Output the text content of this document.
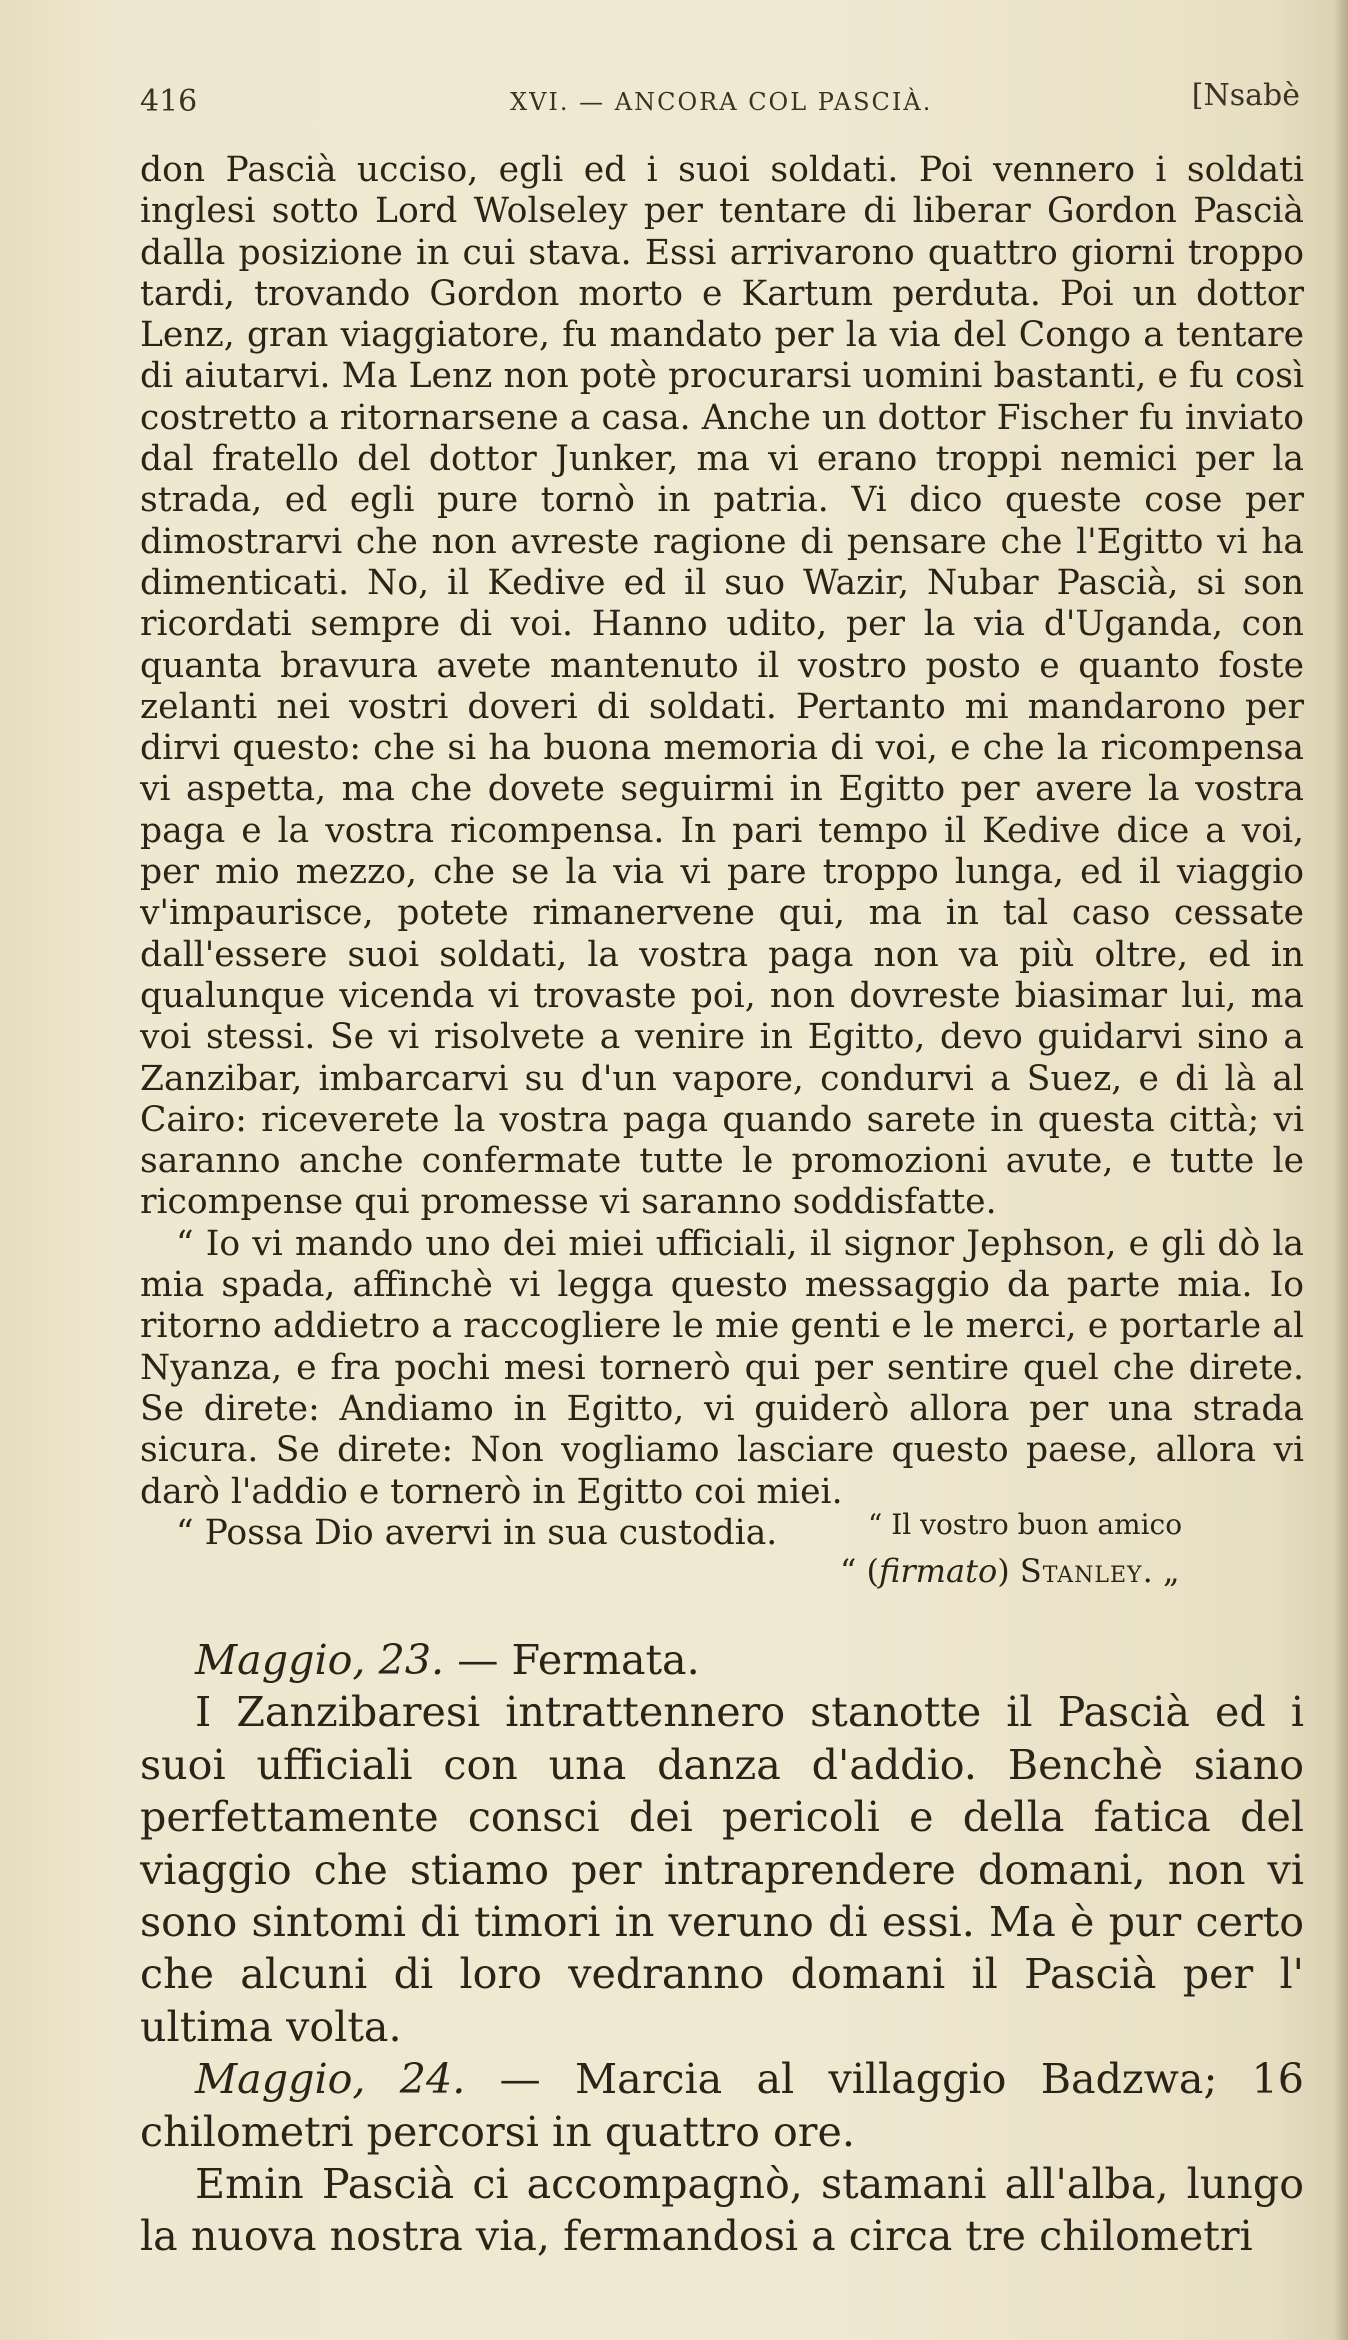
416	XVI. — ANCORA COL PASCIÀ.	[Nsabè

don Pascià ucciso, egli ed i suoi soldati. Poi vennero i soldati inglesi sotto Lord Wolseley per tentare di liberar Gordon Pascià dalla posizione in cui stava. Essi arrivarono quattro giorni troppo tardi, trovando Gordon morto e Kartum perduta. Poi un dottor Lenz, gran viaggiatore, fu mandato per la via del Congo a tentare di aiutarvi. Ma Lenz non potè procurarsi uomini bastanti, e fu così costretto a ritornarsene a casa. Anche un dottor Fischer fu inviato dal fratello del dottor Junker, ma vi erano troppi nemici per la strada, ed egli pure tornò in patria. Vi dico queste cose per dimostrarvi che non avreste ragione di pensare che l'Egitto vi ha dimenticati. No, il Kedive ed il suo Wazir, Nubar Pascià, si son ricordati sempre di voi. Hanno udito, per la via d'Uganda, con quanta bravura avete mantenuto il vostro posto e quanto foste zelanti nei vostri doveri di soldati. Pertanto mi mandarono per dirvi questo: che si ha buona memoria di voi, e che la ricompensa vi aspetta, ma che dovete seguirmi in Egitto per avere la vostra paga e la vostra ricompensa. In pari tempo il Kedive dice a voi, per mio mezzo, che se la via vi pare troppo lunga, ed il viaggio v'impaurisce, potete rimanervene qui, ma in tal caso cessate dall'essere suoi soldati, la vostra paga non va più oltre, ed in qualunque vicenda vi trovaste poi, non dovreste biasimar lui, ma voi stessi. Se vi risolvete a venire in Egitto, devo guidarvi sino a Zanzibar, imbarcarvi su d'un vapore, condurvi a Suez, e di là al Cairo: riceverete la vostra paga quando sarete in questa città; vi saranno anche confermate tutte le promozioni avute, e tutte le ricompense qui promesse vi saranno soddisfatte.

“ Io vi mando uno dei miei ufficiali, il signor Jephson, e gli dò la mia spada, affinchè vi legga questo messaggio da parte mia. Io ritorno addietro a raccogliere le mie genti e le merci, e portarle al Nyanza, e fra pochi mesi tornerò qui per sentire quel che direte. Se direte: Andiamo in Egitto, vi guiderò allora per una strada sicura. Se direte: Non vogliamo lasciare questo paese, allora vi darò l'addio e tornerò in Egitto coi miei.

“ Possa Dio avervi in sua custodia.	“ Il vostro buon amico
“ (firmato) Stanley. „

Maggio, 23. — Fermata.

I Zanzibaresi intrattennero stanotte il Pascià ed i suoi ufficiali con una danza d'addio. Benchè siano perfettamente consci dei pericoli e della fatica del viaggio che stiamo per intraprendere domani, non vi sono sintomi di timori in veruno di essi. Ma è pur certo che alcuni di loro vedranno domani il Pascià per l' ultima volta.

Maggio, 24. — Marcia al villaggio Badzwa; 16 chilometri percorsi in quattro ore.

Emin Pascià ci accompagnò, stamani all'alba, lungo la nuova nostra via, fermandosi a circa tre chilometri
